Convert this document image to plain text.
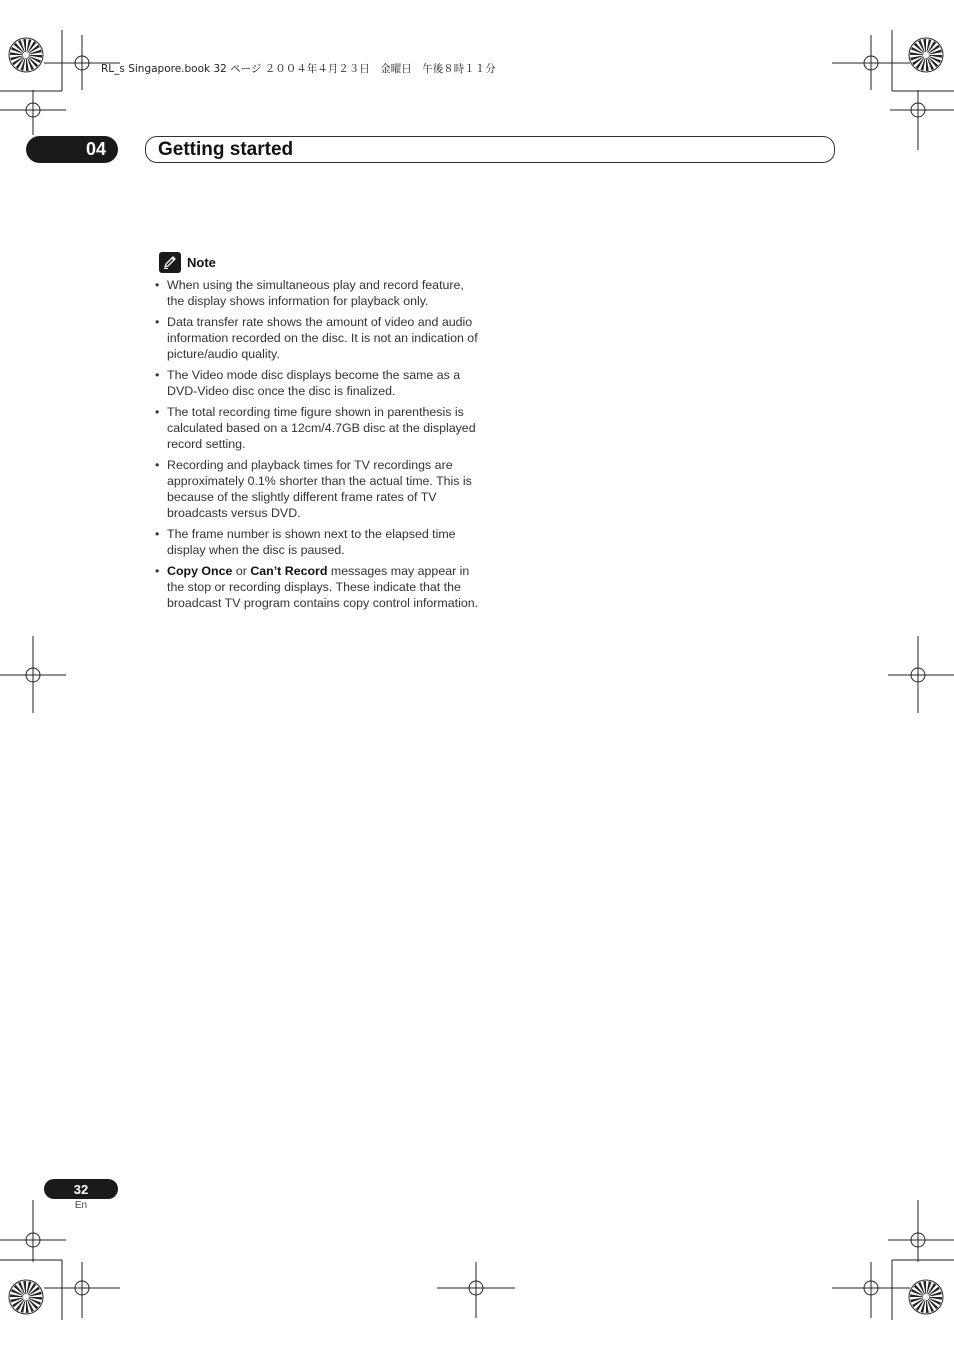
RL_s Singapore.book 32 ページ ２００４年４月２３日　金曜日　午後８時１１分
04	Getting started
Note
• When using the simultaneous play and record feature, the display shows information for playback only.
• Data transfer rate shows the amount of video and audio information recorded on the disc. It is not an indication of picture/audio quality.
• The Video mode disc displays become the same as a DVD-Video disc once the disc is finalized.
• The total recording time figure shown in parenthesis is calculated based on a 12cm/4.7GB disc at the displayed record setting.
• Recording and playback times for TV recordings are approximately 0.1% shorter than the actual time. This is because of the slightly different frame rates of TV broadcasts versus DVD.
• The frame number is shown next to the elapsed time display when the disc is paused.
• Copy Once or Can’t Record messages may appear in the stop or recording displays. These indicate that the broadcast TV program contains copy control information.
32
En
